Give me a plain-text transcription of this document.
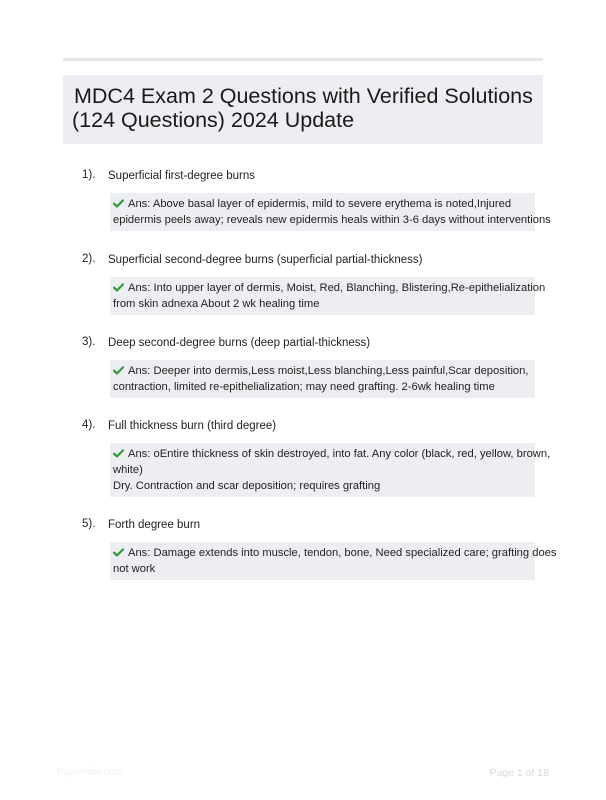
MDC4 Exam 2 Questions with Verified Solutions
(124 Questions) 2024 Update
1). Superficial first-degree burns
Ans: Above basal layer of epidermis, mild to severe erythema is noted,Injured
epidermis peels away; reveals new epidermis heals within 3-6 days without interventions
2). Superficial second-degree burns (superficial partial-thickness)
Ans: Into upper layer of dermis, Moist, Red, Blanching, Blistering,Re-epithelialization
from skin adnexa About 2 wk healing time
3). Deep second-degree burns (deep partial-thickness)
Ans: Deeper into dermis,Less moist,Less blanching,Less painful,Scar deposition,
contraction, limited re-epithelialization; may need grafting. 2-6wk healing time
4). Full thickness burn (third degree)
Ans: oEntire thickness of skin destroyed, into fat. Any color (black, red, yellow, brown,
white)
Dry. Contraction and scar deposition; requires grafting
5). Forth degree burn
Ans: Damage extends into muscle, tendon, bone, Need specialized care; grafting does
not work
PaperNibi.com	Page 1 of 18
